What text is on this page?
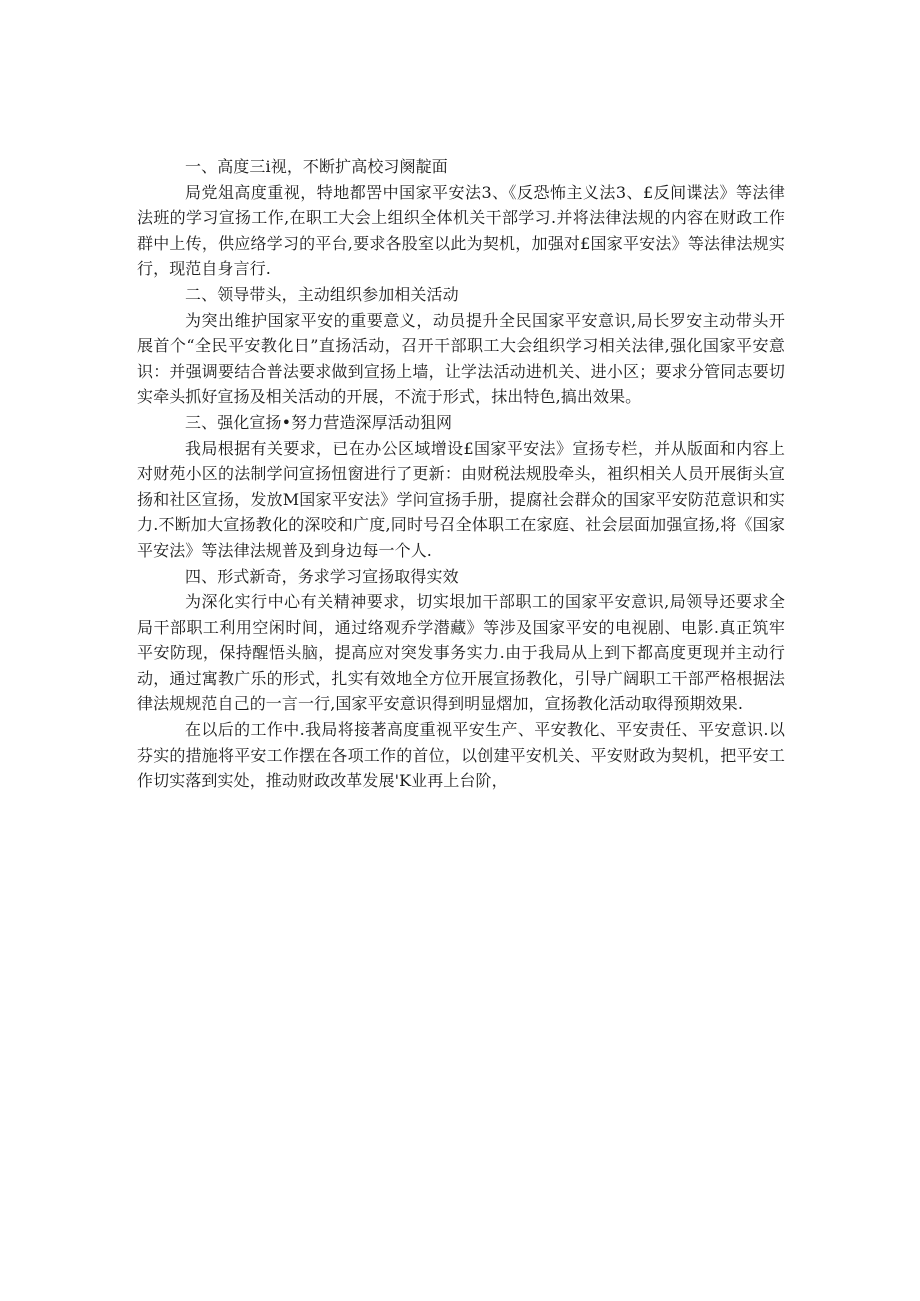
一、高度三i视，不断扩高校习阕靛面

局党俎高度重视，特地都罟中国家平安法3、《反恐怖主义法3、£反间谍法》等法律法班的学习宣扬工作,在职工大会上组织全体机关干部学习.并将法律法规的内容在财政工作群中上传，供应络学习的平台,要求各股室以此为契机，加强对£国家平安法》等法律法规实行，现范自身言行.

二、领导带头，主动组织参加相关活动

为突出维护国家平安的重要意义，动员提升全民国家平安意识,局长罗安主动带头开展首个“全民平安教化日”直扬活动，召开干部职工大会组织学习相关法律,强化国家平安意识：并强调要结合普法要求做到宣扬上墙，让学法活动进机关、进小区；要求分管同志要切实牵头抓好宣扬及相关活动的开展，不流于形式，抹出特色,搞出效果。

三、强化宣扬•努力营造深厚活动狙网

我局根据有关要求，已在办公区域增设£国家平安法》宣扬专栏，并从版面和内容上对财苑小区的法制学问宣扬忸窗进行了更新：由财税法规股牵头，袓织相关人员开展街头宣扬和社区宣扬，发放M国家平安法》学问宣扬手册，提腐社会群众的国家平安防范意识和实力.不断加大宣扬教化的深咬和广度,同时号召全体职工在家庭、社会层面加强宣扬,将《国家平安法》等法律法规普及到身边每一个人.

四、形式新奇，务求学习宣扬取得实效

为深化实行中心有关精神要求，切实垠加干部职工的国家平安意识,局领导还要求全局干部职工利用空闲时间，通过络观乔学潜藏》等涉及国家平安的电视剧、电影.真正筑牢平安防现，保持醒悟头脑，提高应对突发事务实力.由于我局从上到下都高度更现并主动行动，通过寓教广乐的形式，扎实有效地全方位开展宣扬教化，引导广阔职工干部严格根据法律法规规范自己的一言一行,国家平安意识得到明显熠加，宣扬教化活动取得预期效果.

在以后的工作中.我局将接著高度重视平安生产、平安教化、平安责任、平安意识.以芬实的措施将平安工作摆在各项工作的首位，以创建平安机关、平安财政为契机，把平安工作切实落到实处，推动财政改革发展'K业再上台阶，
